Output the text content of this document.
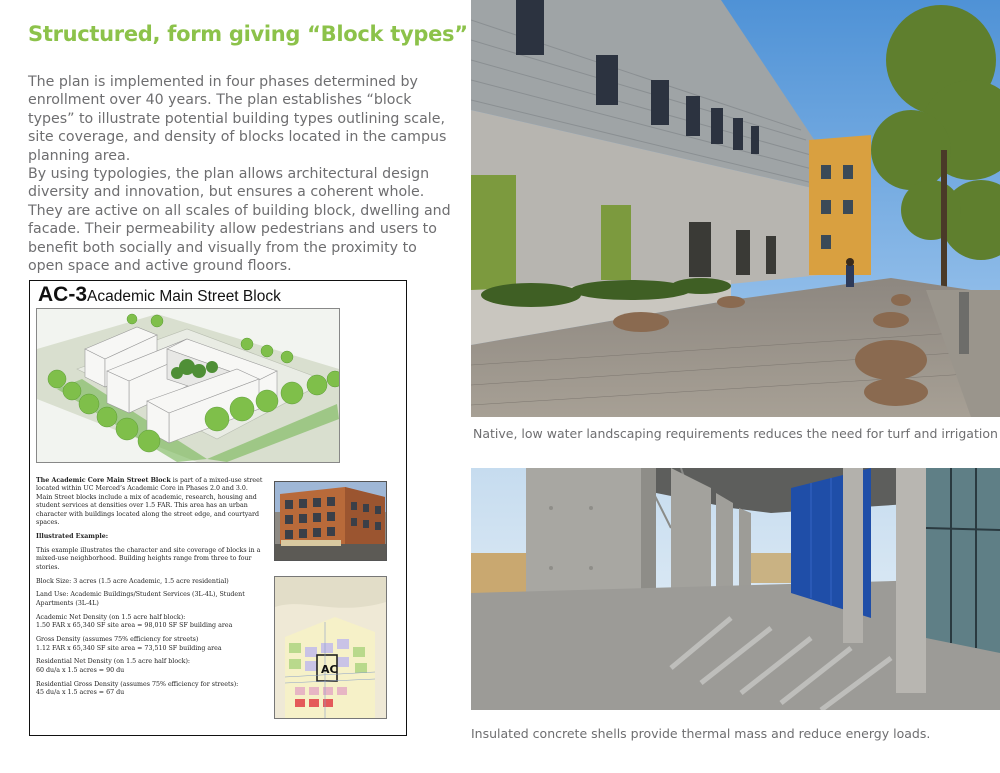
Structured, form giving “Block types”
The plan is implemented in four phases determined by enrollment over 40 years. The plan establishes “block types” to illustrate potential building types outlining scale, site coverage, and density of blocks located in the campus planning area.
By using typologies, the plan allows architectural design diversity and innovation, but ensures a coherent whole. They are active on all scales of building block, dwelling and facade. Their permeability allow pedestrians and users to benefit both socially and visually from the proximity to open space and active ground floors.
AC-3 Academic Main Street Block

The Academic Core Main Street Block is part of a mixed-use street located within UC Merced’s Academic Core in Phases 2.0 and 3.0. Main Street blocks include a mix of academic, research, housing and student services at densities over 1.5 FAR. This area has an urban character with buildings located along the street edge, and courtyard spaces.

Illustrated Example:

This example illustrates the character and site coverage of blocks in a mixed-use neighborhood. Building heights range from three to four stories.

Block Size: 3 acres (1.5 acre Academic, 1.5 acre residential)

Land Use: Academic Buildings/Student Services (3L-4L), Student Apartments (3L-4L)

Academic Net Density (on 1.5 acre half block):
1.50 FAR x 65,340 SF site area = 98,010 SF SF building area

Gross Density (assumes 75% efficiency for streets)
1.12 FAR x 65,340 SF site area = 73,510 SF building area

Residential Net Density (on 1.5 acre half block):
60 du/a x 1.5 acres = 90 du

Residential Gross Density (assumes 75% efficiency for streets):
45 du/a x 1.5 acres = 67 du

AC
Native, low water landscaping requirements reduces the need for turf and irrigation
Insulated concrete shells provide thermal mass and reduce energy loads.
